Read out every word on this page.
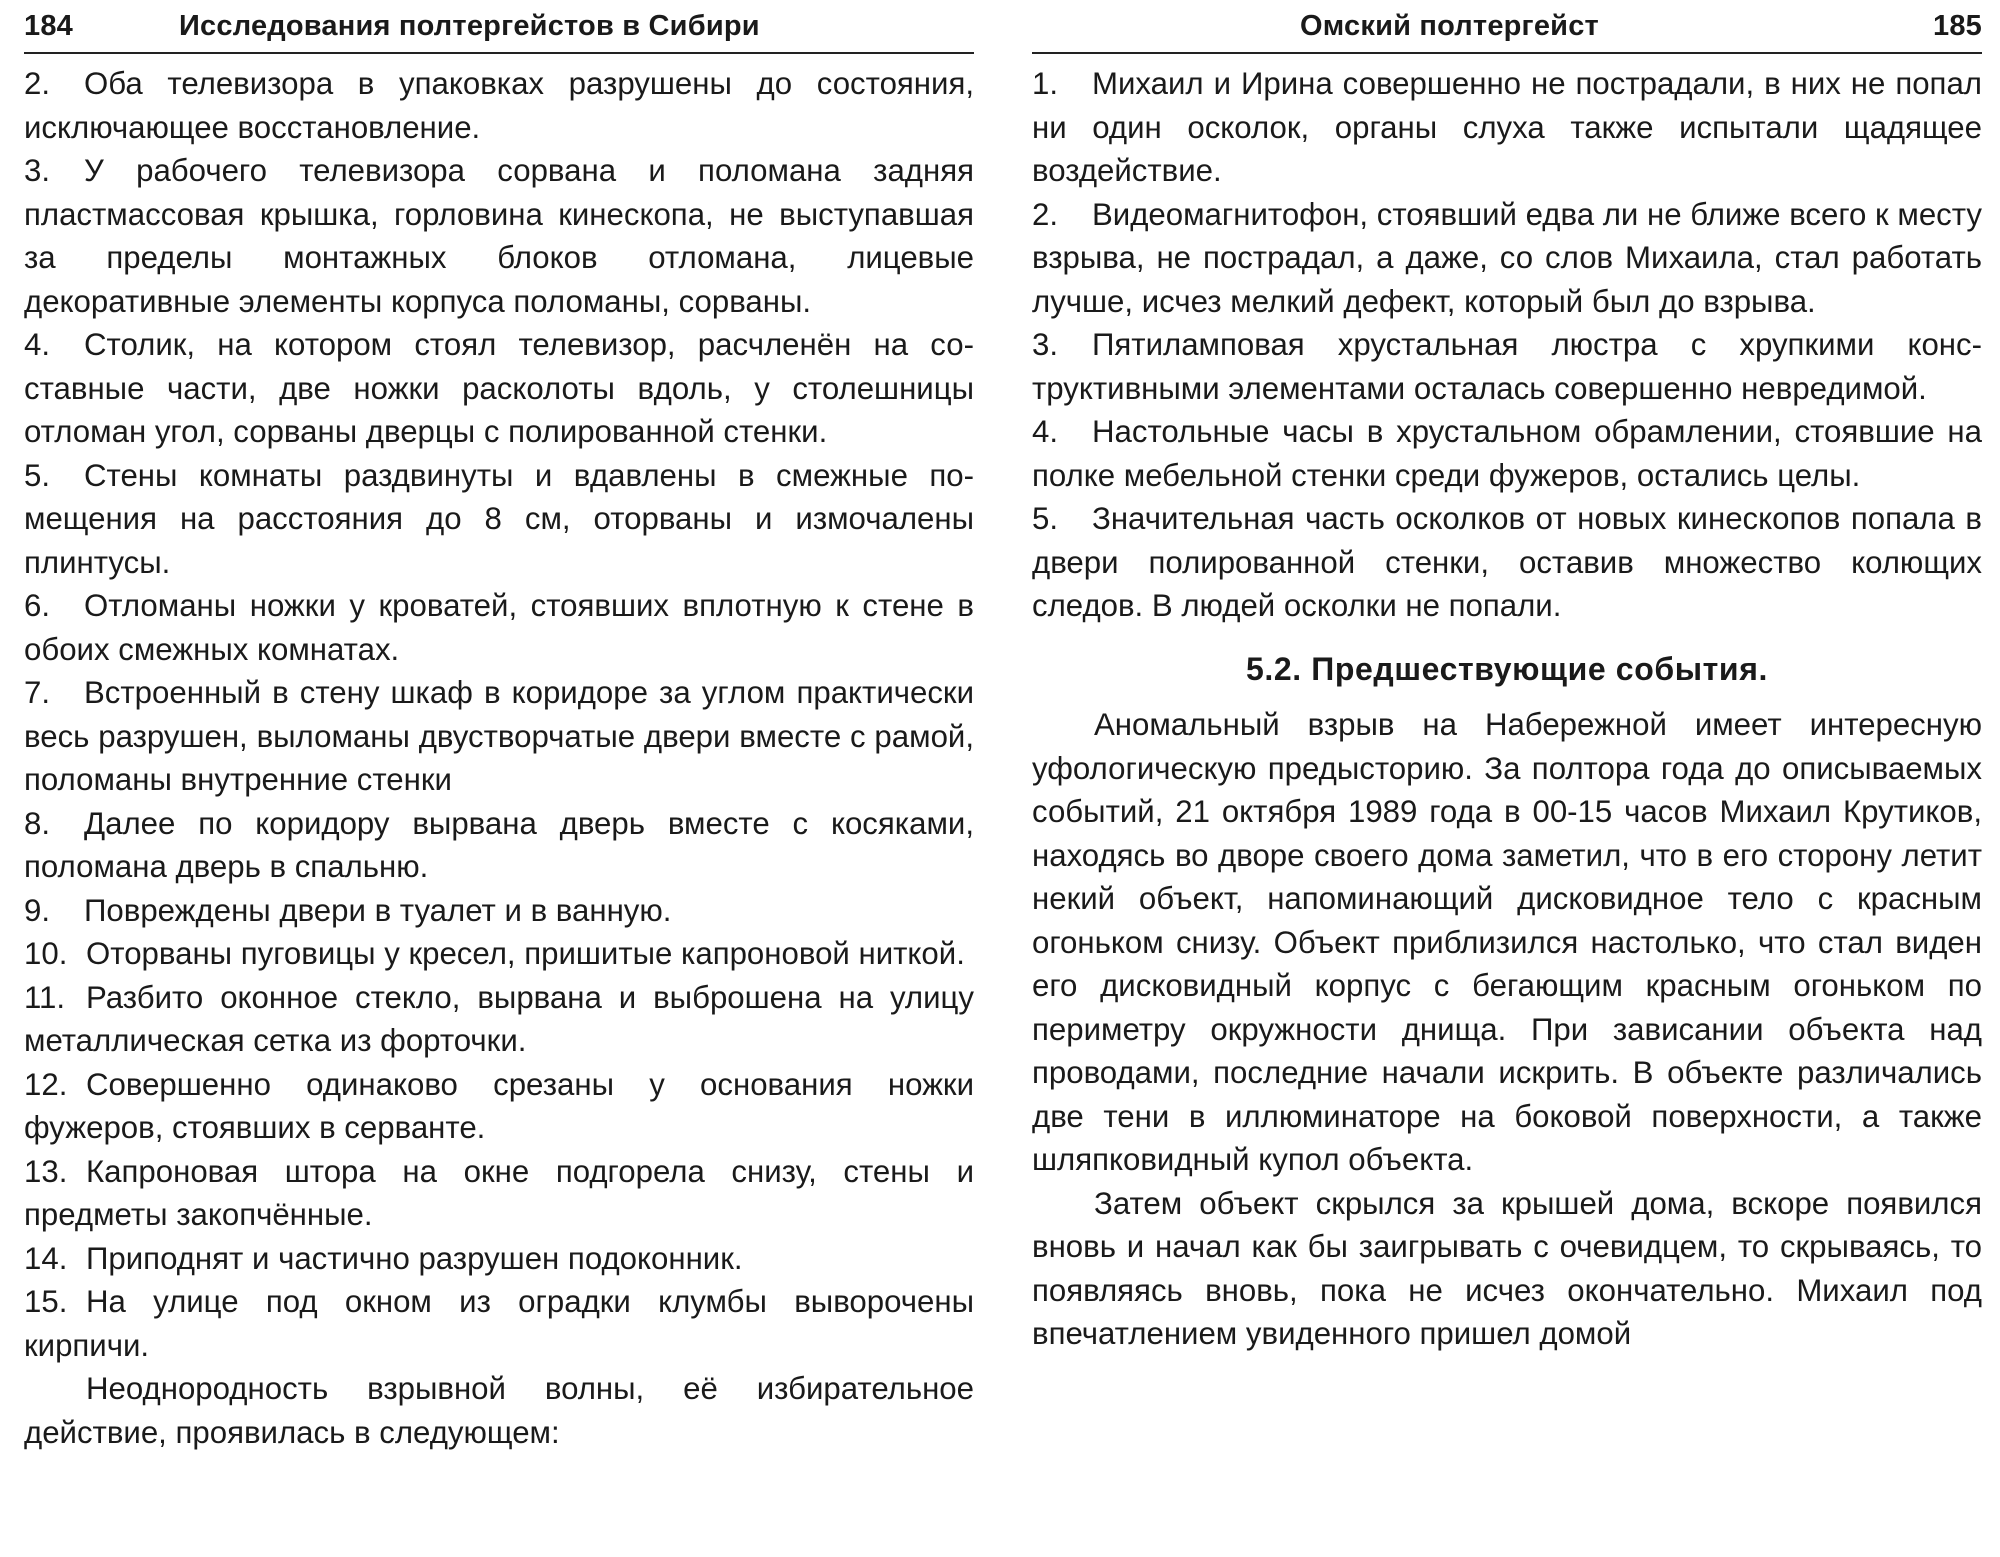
184	Исследования полтергейстов в Сибири
2. Оба телевизора в упаковках разрушены до состояния, исключающее восстановление.
3. У рабочего телевизора сорвана и поломана задняя пластмассовая крышка, горловина кинескопа, не выступавшая за пределы монтажных блоков отломана, лицевые декоративные элементы корпуса поломаны, сорваны.
4. Столик, на котором стоял телевизор, расчленён на составные части, две ножки расколоты вдоль, у столешницы отломан угол, сорваны дверцы с полированной стенки.
5. Стены комнаты раздвинуты и вдавлены в смежные помещения на расстояния до 8 см, оторваны и измочалены плинтусы.
6. Отломаны ножки у кроватей, стоявших вплотную к стене в обоих смежных комнатах.
7. Встроенный в стену шкаф в коридоре за углом практически весь разрушен, выломаны двустворчатые двери вместе с рамой, поломаны внутренние стенки
8. Далее по коридору вырвана дверь вместе с косяками, поломана дверь в спальню.
9. Повреждены двери в туалет и в ванную.
10. Оторваны пуговицы у кресел, пришитые капроновой ниткой.
11. Разбито оконное стекло, вырвана и выброшена на улицу металлическая сетка из форточки.
12. Совершенно одинаково срезаны у основания ножки фужеров, стоявших в серванте.
13. Капроновая штора на окне подгорела снизу, стены и предметы закопчённые.
14. Приподнят и частично разрушен подоконник.
15. На улице под окном из оградки клумбы выворочены кирпичи.

Неоднородность взрывной волны, её избирательное действие, проявилась в следующем:

Омский полтергейст	185
1. Михаил и Ирина совершенно не пострадали, в них не попал ни один осколок, органы слуха также испытали щадящее воздействие.
2. Видеомагнитофон, стоявший едва ли не ближе всего к месту взрыва, не пострадал, а даже, со слов Михаила, стал работать лучше, исчез мелкий дефект, который был до взрыва.
3. Пятиламповая хрустальная люстра с хрупкими конструктивными элементами осталась совершенно невредимой.
4. Настольные часы в хрустальном обрамлении, стоявшие на полке мебельной стенки среди фужеров, остались целы.
5. Значительная часть осколков от новых кинескопов попала в двери полированной стенки, оставив множество колющих следов. В людей осколки не попали.
5.2. Предшествующие события.

Аномальный взрыв на Набережной имеет интересную уфологическую предысторию. За полтора года до описываемых событий, 21 октября 1989 года в 00-15 часов Михаил Крутиков, находясь во дворе своего дома заметил, что в его сторону летит некий объект, напоминающий дисковидное тело с красным огоньком снизу. Объект приблизился настолько, что стал виден его дисковидный корпус с бегающим красным огоньком по периметру окружности днища. При зависании объекта над проводами, последние начали искрить. В объекте различались две тени в иллюминаторе на боковой поверхности, а также шляпковидный купол объекта.

Затем объект скрылся за крышей дома, вскоре появился вновь и начал как бы заигрывать с очевидцем, то скрываясь, то появляясь вновь, пока не исчез окончательно. Михаил под впечатлением увиденного пришел домой
